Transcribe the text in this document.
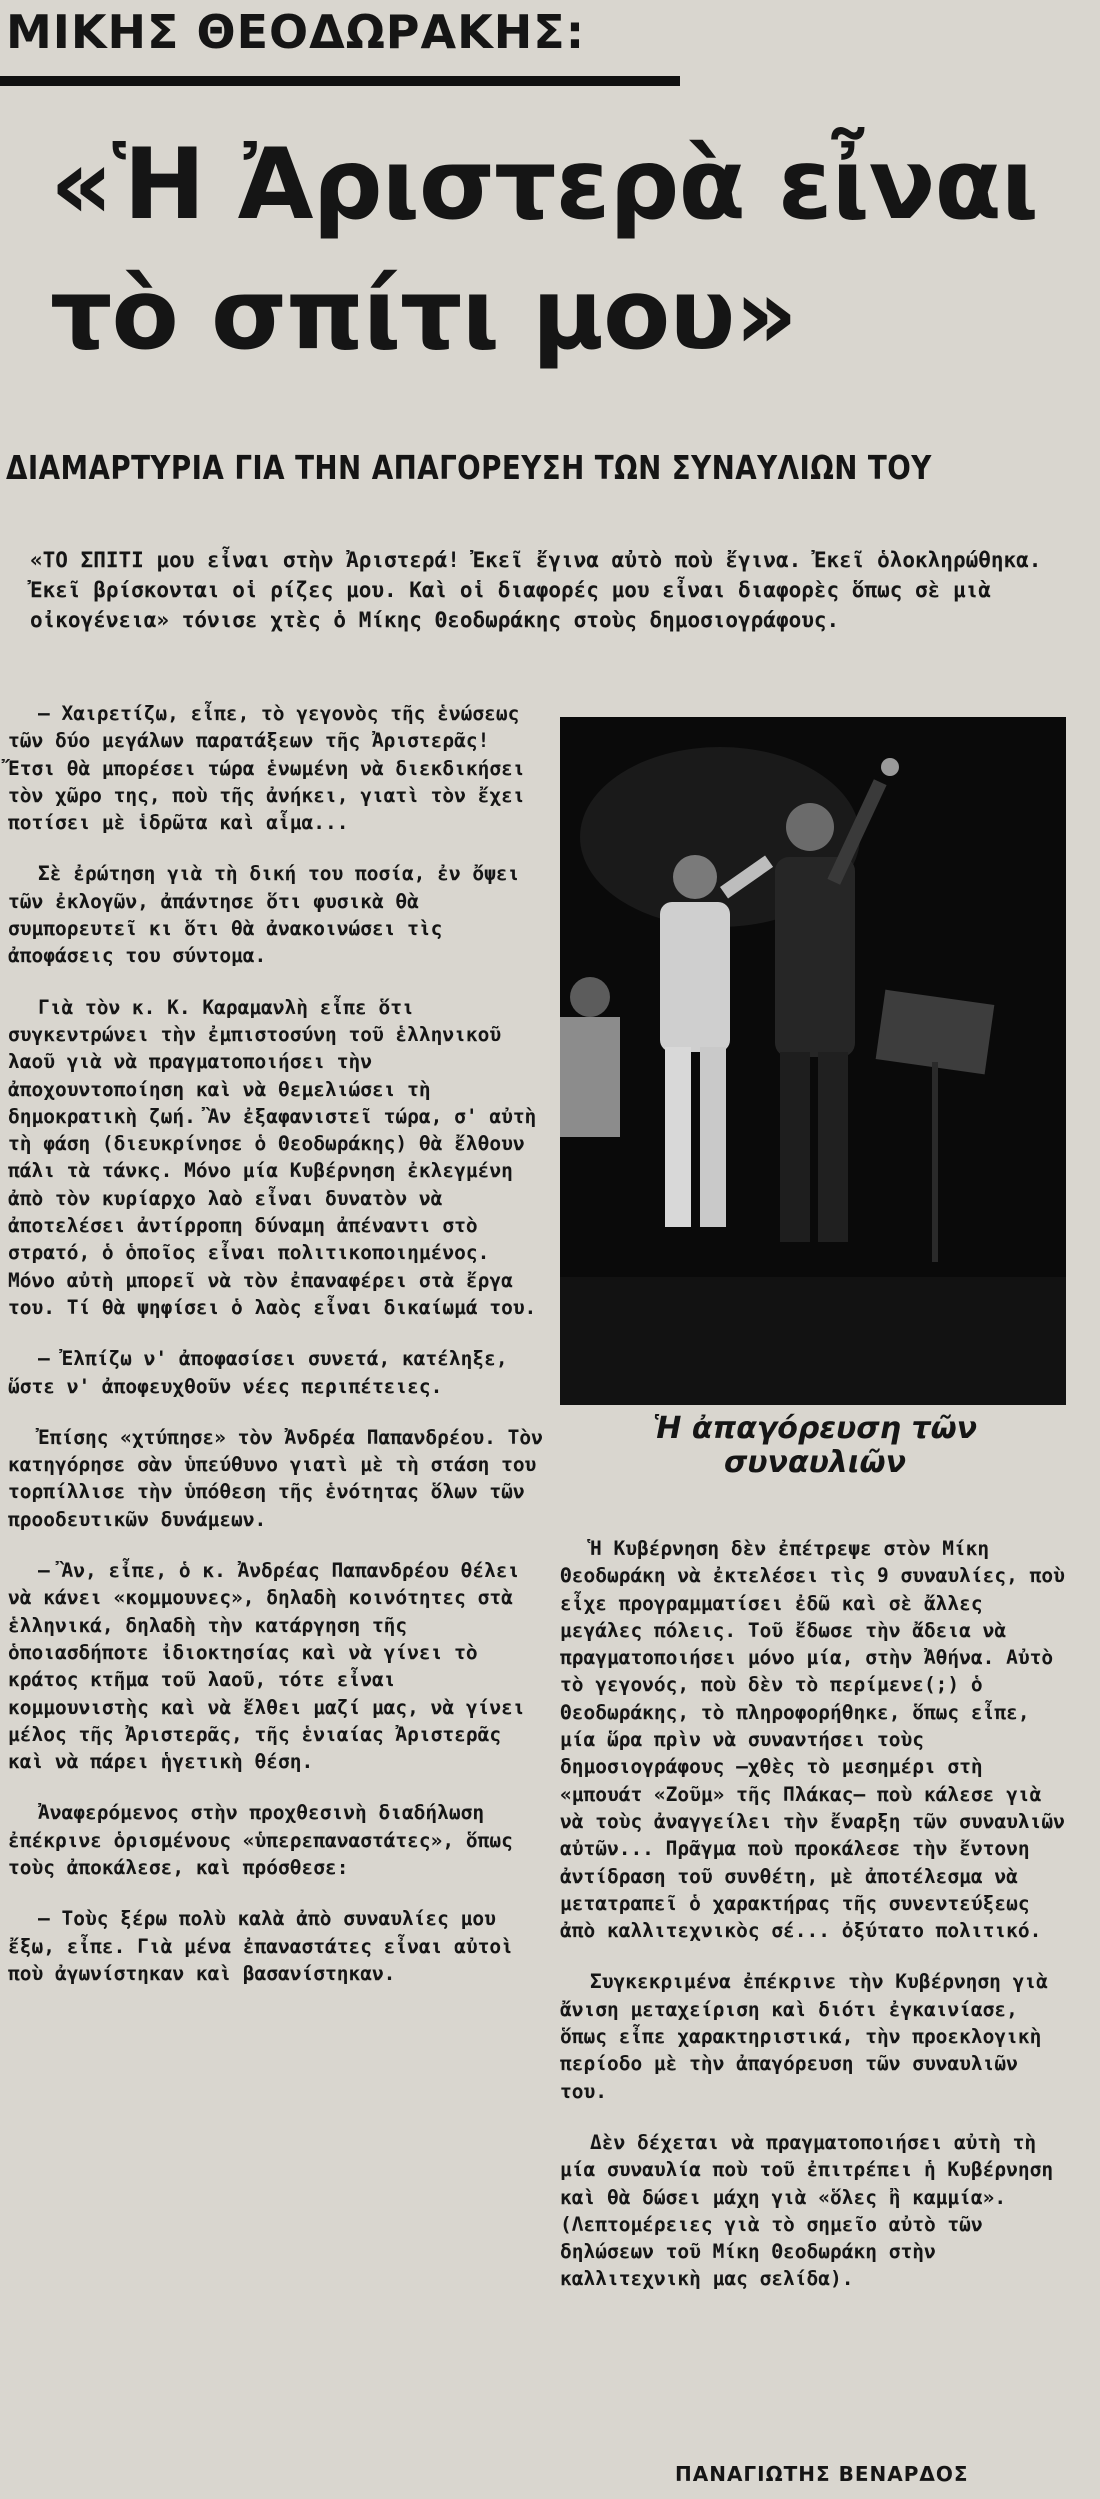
ΜΙΚΗΣ ΘΕΟΔΩΡΑΚΗΣ:
«Ἡ Ἀριστερὰ εἶναι
τὸ σπίτι μου»
ΔΙΑΜΑΡΤΥΡΙΑ ΓΙΑ ΤΗΝ ΑΠΑΓΟΡΕΥΣΗ ΤΩΝ ΣΥΝΑΥΛΙΩΝ ΤΟΥ

«ΤΟ ΣΠΙΤΙ μου εἶναι στὴν Ἀριστερά! Ἐκεῖ ἔγινα αὐτὸ ποὺ ἔγινα. Ἐκεῖ ὁλοκληρώθηκα. Ἐκεῖ βρίσκονται οἱ ρίζες μου. Καὶ οἱ διαφορές μου εἶναι διαφορὲς ὅπως σὲ μιὰ οἰκογένεια» τόνισε χτὲς ὁ Μίκης Θεοδωράκης στοὺς δημοσιογράφους.

— Χαιρετίζω, εἶπε, τὸ γεγονὸς τῆς ἑνώσεως τῶν δύο μεγάλων παρατάξεων τῆς Ἀριστερᾶς! Ἔτσι θὰ μπορέσει τώρα ἑνωμένη νὰ διεκδικήσει τὸν χῶρο της, ποὺ τῆς ἀνήκει, γιατὶ τὸν ἔχει ποτίσει μὲ ἱδρῶτα καὶ αἷμα...

Σὲ ἐρώτηση γιὰ τὴ δική του ποσία, ἐν ὄψει τῶν ἐκλογῶν, ἀπάντησε ὅτι φυσικὰ θὰ συμπορευτεῖ κι ὅτι θὰ ἀνακοινώσει τὶς ἀποφάσεις του σύντομα.

Γιὰ τὸν κ. Κ. Καραμανλὴ εἶπε ὅτι συγκεντρώνει τὴν ἐμπιστοσύνη τοῦ ἑλληνικοῦ λαοῦ γιὰ νὰ πραγματοποιήσει τὴν ἀποχουντοποίηση καὶ νὰ θεμελιώσει τὴ δημοκρατικὴ ζωή. Ἂν ἐξαφανιστεῖ τώρα, σ' αὐτὴ τὴ φάση (διευκρίνησε ὁ Θεοδωράκης) θὰ ἔλθουν πάλι τὰ τάνκς. Μόνο μία Κυβέρνηση ἐκλεγμένη ἀπὸ τὸν κυρίαρχο λαὸ εἶναι δυνατὸν νὰ ἀποτελέσει ἀντίρροπη δύναμη ἀπέναντι στὸ στρατό, ὁ ὁποῖος εἶναι πολιτικοποιημένος. Μόνο αὐτὴ μπορεῖ νὰ τὸν ἐπαναφέρει στὰ ἔργα του. Τί θὰ ψηφίσει ὁ λαὸς εἶναι δικαίωμά του.

— Ἐλπίζω ν' ἀποφασίσει συνετά, κατέληξε, ὥστε ν' ἀποφευχθοῦν νέες περιπέτειες.

Ἐπίσης «χτύπησε» τὸν Ἀνδρέα Παπανδρέου. Τὸν κατηγόρησε σὰν ὑπεύθυνο γιατὶ μὲ τὴ στάση του τορπίλλισε τὴν ὑπόθεση τῆς ἑνότητας ὅλων τῶν προοδευτικῶν δυνάμεων.

— Ἂν, εἶπε, ὁ κ. Ἀνδρέας Παπανδρέου θέλει νὰ κάνει «κομμουνες», δηλαδὴ κοινότητες στὰ ἑλληνικά, δηλαδὴ τὴν κατάργηση τῆς ὁποιασδήποτε ἰδιοκτησίας καὶ νὰ γίνει τὸ κράτος κτῆμα τοῦ λαοῦ, τότε εἶναι κομμουνιστὴς καὶ νὰ ἔλθει μαζί μας, νὰ γίνει μέλος τῆς Ἀριστερᾶς, τῆς ἑνιαίας Ἀριστερᾶς καὶ νὰ πάρει ἡγετικὴ θέση.

Ἀναφερόμενος στὴν προχθεσινὴ διαδήλωση ἐπέκρινε ὁρισμένους «ὑπερεπαναστάτες», ὅπως τοὺς ἀποκάλεσε, καὶ πρόσθεσε:

— Τοὺς ξέρω πολὺ καλὰ ἀπὸ συναυλίες μου ἔξω, εἶπε. Γιὰ μένα ἐπαναστάτες εἶναι αὐτοὶ ποὺ ἀγωνίστηκαν καὶ βασανίστηκαν.

Ἡ ἀπαγόρευση τῶν συναυλιῶν

Ἡ Κυβέρνηση δὲν ἐπέτρεψε στὸν Μίκη Θεοδωράκη νὰ ἐκτελέσει τὶς 9 συναυλίες, ποὺ εἶχε προγραμματίσει ἐδῶ καὶ σὲ ἄλλες μεγάλες πόλεις. Τοῦ ἔδωσε τὴν ἄδεια νὰ πραγματοποιήσει μόνο μία, στὴν Ἀθήνα. Αὐτὸ τὸ γεγονός, ποὺ δὲν τὸ περίμενε(;) ὁ Θεοδωράκης, τὸ πληροφορήθηκε, ὅπως εἶπε, μία ὥρα πρὶν νὰ συναντήσει τοὺς δημοσιογράφους —χθὲς τὸ μεσημέρι στὴ «μπουάτ «Ζοῦμ» τῆς Πλάκας— ποὺ κάλεσε γιὰ νὰ τοὺς ἀναγγείλει τὴν ἔναρξη τῶν συναυλιῶν αὐτῶν... Πρᾶγμα ποὺ προκάλεσε τὴν ἔντονη ἀντίδραση τοῦ συνθέτη, μὲ ἀποτέλεσμα νὰ μετατραπεῖ ὁ χαρακτήρας τῆς συνεντεύξεως ἀπὸ καλλιτεχνικὸς σέ... ὀξύτατο πολιτικό.

Συγκεκριμένα ἐπέκρινε τὴν Κυβέρνηση γιὰ ἄνιση μεταχείριση καὶ διότι ἐγκαινίασε, ὅπως εἶπε χαρακτηριστικά, τὴν προεκλογικὴ περίοδο μὲ τὴν ἀπαγόρευση τῶν συναυλιῶν του.

Δὲν δέχεται νὰ πραγματοποιήσει αὐτὴ τὴ μία συναυλία ποὺ τοῦ ἐπιτρέπει ἡ Κυβέρνηση καὶ θὰ δώσει μάχη γιὰ «ὅλες ἢ καμμία». (Λεπτομέρειες γιὰ τὸ σημεῖο αὐτὸ τῶν δηλώσεων τοῦ Μίκη Θεοδωράκη στὴν καλλιτεχνικὴ μας σελίδα).

ΠΑΝΑΓΙΩΤΗΣ ΒΕΝΑΡΔΟΣ
